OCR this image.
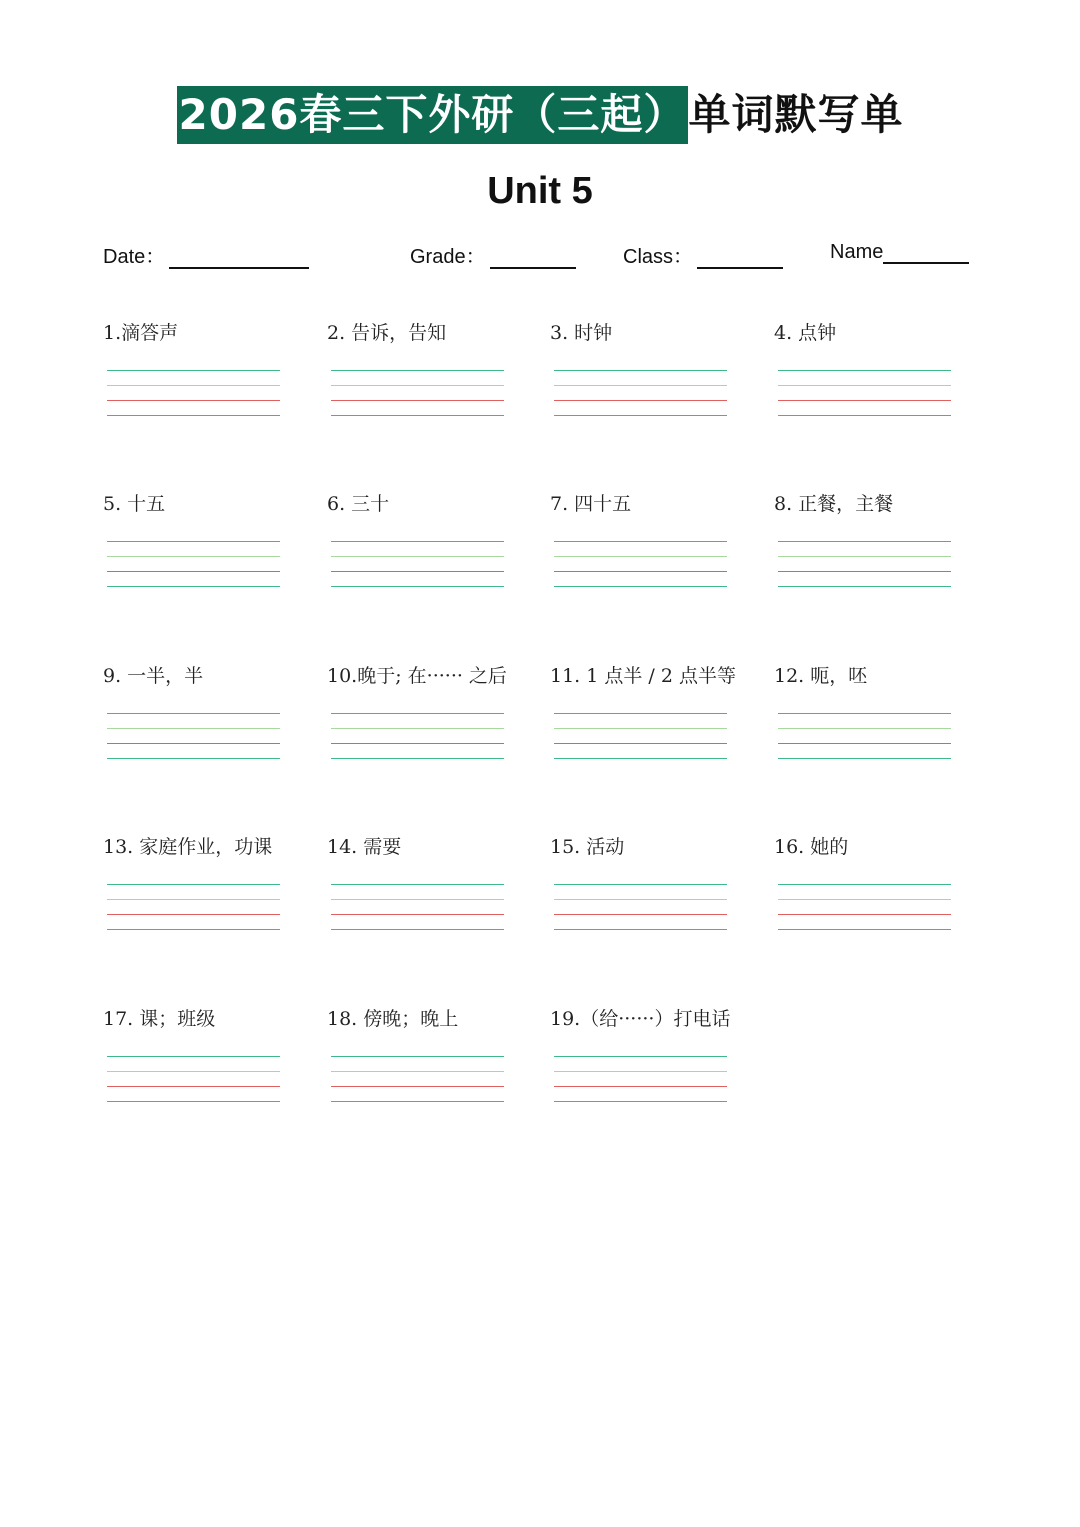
2026春三下外研（三起） 单词默写单
Unit 5
Date：	Grade：	Class：	Name
1.滴答声	2. 告诉，告知	3. 时钟	4. 点钟
5. 十五	6. 三十	7. 四十五	8. 正餐，主餐
9. 一半，半	10.晚于; 在······ 之后	11. 1 点半 / 2 点半等	12. 呃，呸
13. 家庭作业，功课	14. 需要	15. 活动	16. 她的
17. 课；班级	18. 傍晚；晚上	19.（给······）打电话
